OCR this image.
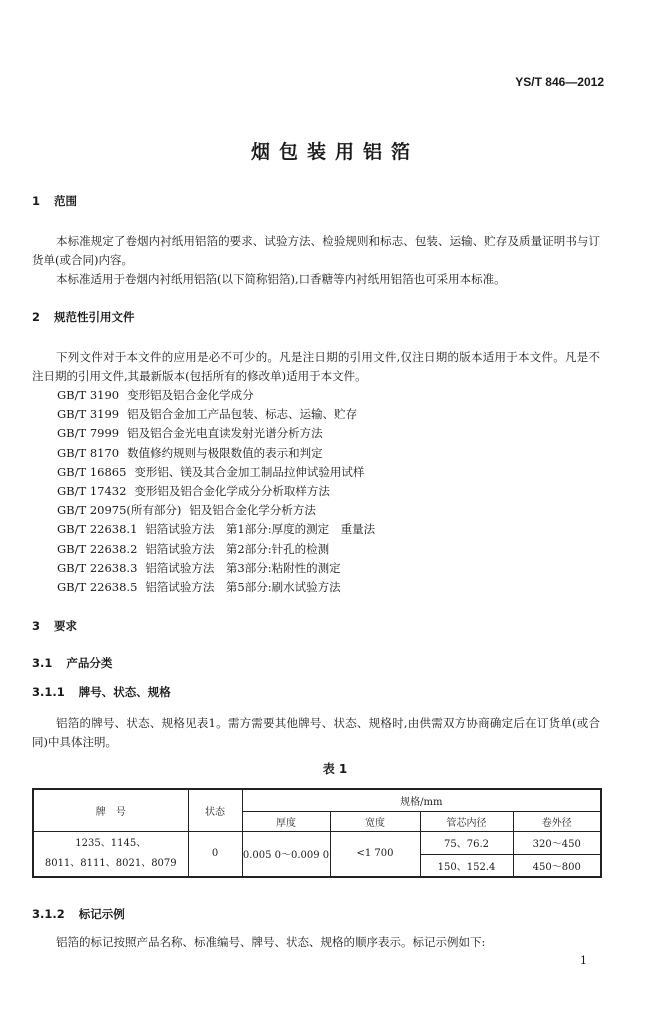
YS/T 846—2012
烟包装用铝箔
1 范围
本标准规定了卷烟内衬纸用铝箔的要求、试验方法、检验规则和标志、包装、运输、贮存及质量证明书与订货单(或合同)内容。
本标准适用于卷烟内衬纸用铝箔(以下简称铝箔),口香糖等内衬纸用铝箔也可采用本标准。
2 规范性引用文件
下列文件对于本文件的应用是必不可少的。凡是注日期的引用文件,仅注日期的版本适用于本文件。凡是不注日期的引用文件,其最新版本(包括所有的修改单)适用于本文件。
GB/T 3190 变形铝及铝合金化学成分
GB/T 3199 铝及铝合金加工产品包装、标志、运输、贮存
GB/T 7999 铝及铝合金光电直读发射光谱分析方法
GB/T 8170 数值修约规则与极限数值的表示和判定
GB/T 16865 变形铝、镁及其合金加工制品拉伸试验用试样
GB/T 17432 变形铝及铝合金化学成分分析取样方法
GB/T 20975(所有部分) 铝及铝合金化学分析方法
GB/T 22638.1 铝箔试验方法　第1部分:厚度的测定　重量法
GB/T 22638.2 铝箔试验方法　第2部分:针孔的检测
GB/T 22638.3 铝箔试验方法　第3部分:粘附性的测定
GB/T 22638.5 铝箔试验方法　第5部分:刷水试验方法
3 要求
3.1 产品分类
3.1.1 牌号、状态、规格
铝箔的牌号、状态、规格见表1。需方需要其他牌号、状态、规格时,由供需双方协商确定后在订货单(或合同)中具体注明。
表 1
牌　号	状态	规格/mm			
		厚度	宽度	管芯内径	卷外径

1235、1145、
8011、8111、8021、8079	0	0.005 0～0.009 0	<1 700	75、76.2	320～450
				150、152.4	450～800
3.1.2 标记示例
铝箔的标记按照产品名称、标准编号、牌号、状态、规格的顺序表示。标记示例如下:
1
